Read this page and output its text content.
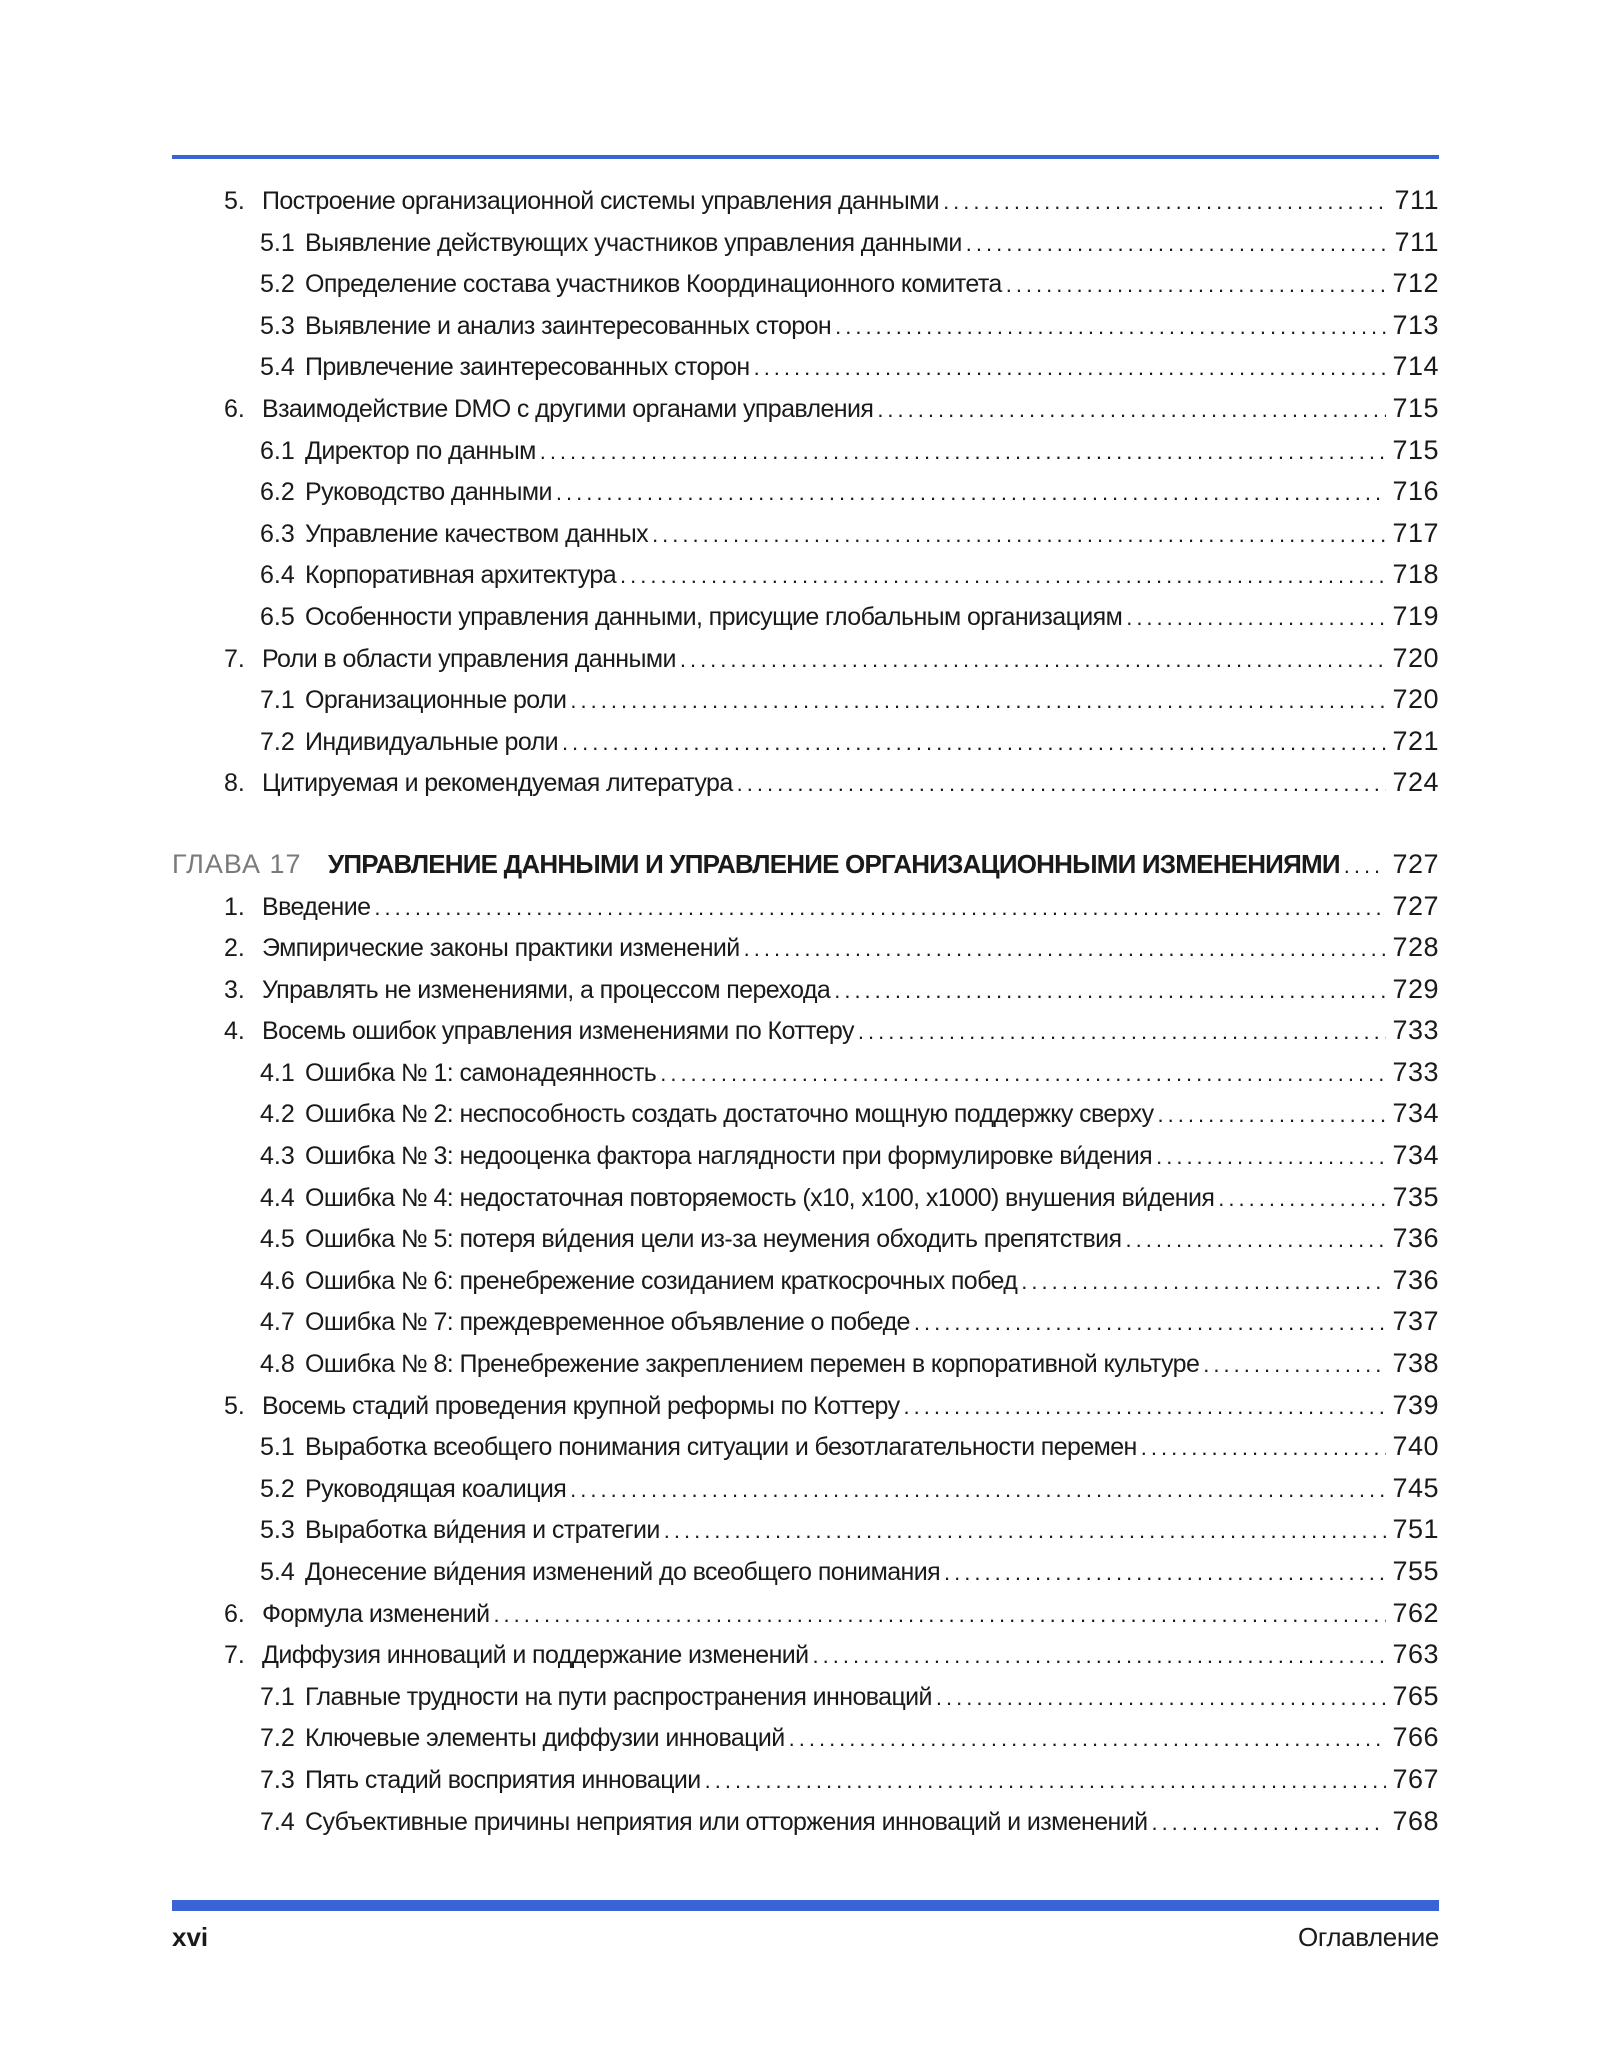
5. Построение организационной системы управления данными .....	711
5.1 Выявление действующих участников управления данными .....	711
5.2 Определение состава участников Координационного комитета .....	712
5.3 Выявление и анализ заинтересованных сторон .....	713
5.4 Привлечение заинтересованных сторон .....	714
6. Взаимодействие DMO с другими органами управления .....	715
6.1 Директор по данным .....	715
6.2 Руководство данными .....	716
6.3 Управление качеством данных .....	717
6.4 Корпоративная архитектура .....	718
6.5 Особенности управления данными, присущие глобальным организациям .....	719
7. Роли в области управления данными .....	720
7.1 Организационные роли .....	720
7.2 Индивидуальные роли .....	721
8. Цитируемая и рекомендуемая литература .....	724
ГЛАВА 17	УПРАВЛЕНИЕ ДАННЫМИ И УПРАВЛЕНИЕ ОРГАНИЗАЦИОННЫМИ ИЗМЕНЕНИЯМИ ..... 727
1. Введение .....	727
2. Эмпирические законы практики изменений .....	728
3. Управлять не изменениями, а процессом перехода .....	729
4. Восемь ошибок управления изменениями по Коттеру .....	733
4.1 Ошибка № 1: самонадеянность .....	733
4.2 Ошибка № 2: неспособность создать достаточно мощную поддержку сверху .....	734
4.3 Ошибка № 3: недооценка фактора наглядности при формулировке ви́дения .....	734
4.4 Ошибка № 4: недостаточная повторяемость (x10, x100, x1000) внушения ви́дения .....	735
4.5 Ошибка № 5: потеря ви́дения цели из-за неумения обходить препятствия .....	736
4.6 Ошибка № 6: пренебрежение созиданием краткосрочных побед .....	736
4.7 Ошибка № 7: преждевременное объявление о победе .....	737
4.8 Ошибка № 8: Пренебрежение закреплением перемен в корпоративной культуре .....	738
5. Восемь стадий проведения крупной реформы по Коттеру .....	739
5.1 Выработка всеобщего понимания ситуации и безотлагательности перемен .....	740
5.2 Руководящая коалиция .....	745
5.3 Выработка ви́дения и стратегии .....	751
5.4 Донесение ви́дения изменений до всеобщего понимания .....	755
6. Формула изменений .....	762
7. Диффузия инноваций и поддержание изменений .....	763
7.1 Главные трудности на пути распространения инноваций .....	765
7.2 Ключевые элементы диффузии инноваций .....	766
7.3 Пять стадий восприятия инновации .....	767
7.4 Субъективные причины неприятия или отторжения инноваций и изменений .....	768
xvi	Оглавление
